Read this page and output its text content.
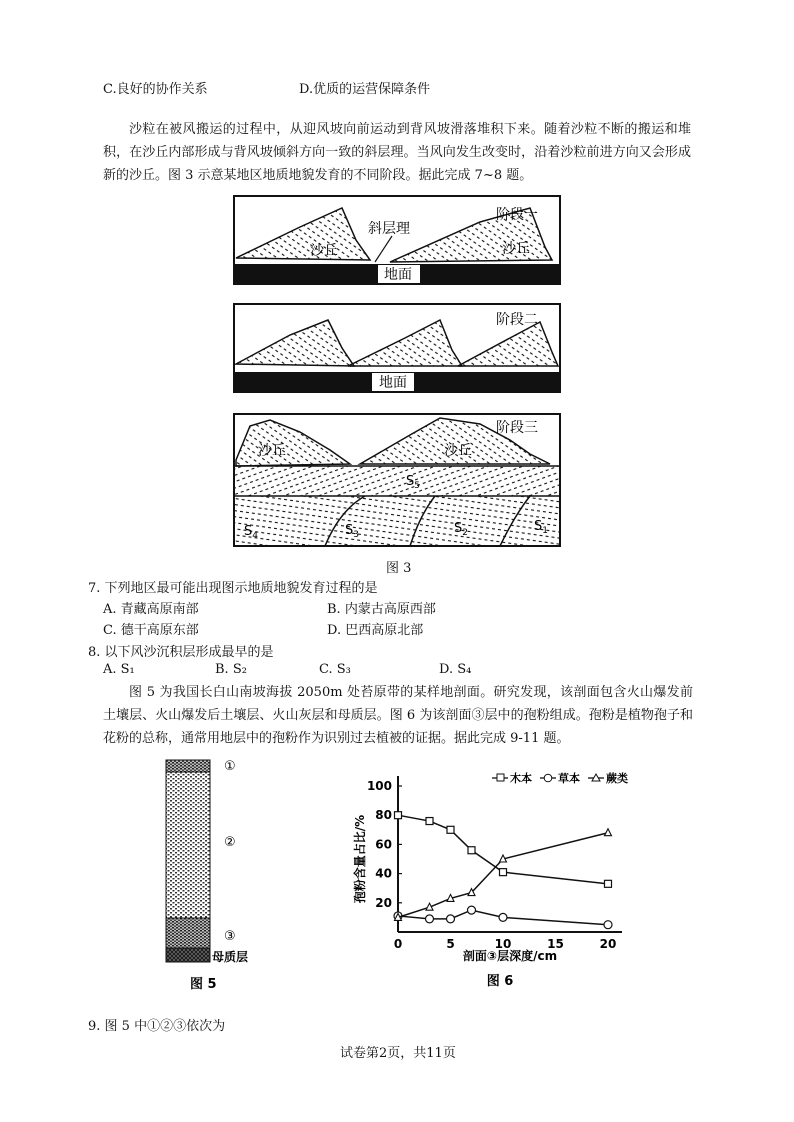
C.良好的协作关系	D.优质的运营保障条件
沙粒在被风搬运的过程中，从迎风坡向前运动到背风坡滑落堆积下来。随着沙粒不断的搬运和堆积，在沙丘内部形成与背风坡倾斜方向一致的斜层理。当风向发生改变时，沿着沙粒前进方向又会形成新的沙丘。图 3 示意某地区地质地貌发育的不同阶段。据此完成 7~8 题。
地面
斜层理
沙丘	沙丘
阶段一
地面
阶段二
沙丘	沙丘
阶段三
$S_5$
$S_4$	$S_3$	$S_2$	$S_1$
图 3
7. 下列地区最可能出现图示地质地貌发育过程的是
A. 青藏高原南部	B. 内蒙古高原西部
C. 德干高原东部	D. 巴西高原北部
8. 以下风沙沉积层形成最早的是
A. S₁	B. S₂	C. S₃	D. S₄
图 5 为我国长白山南坡海拔 2050m 处苔原带的某样地剖面。研究发现，该剖面包含火山爆发前土壤层、火山爆发后土壤层、火山灰层和母质层。图 6 为该剖面③层中的孢粉组成。孢粉是植物孢子和花粉的总称，通常用地层中的孢粉作为识别过去植被的证据。据此完成 9-11 题。
①
②
③
母质层
图 5
20
40
60
80
100
0	5	10	15	20
孢粉含量占比/%
剖面③层深度/cm
图 6
木本 草本 蕨类
9. 图 5 中①②③依次为
试卷第2页，共11页
